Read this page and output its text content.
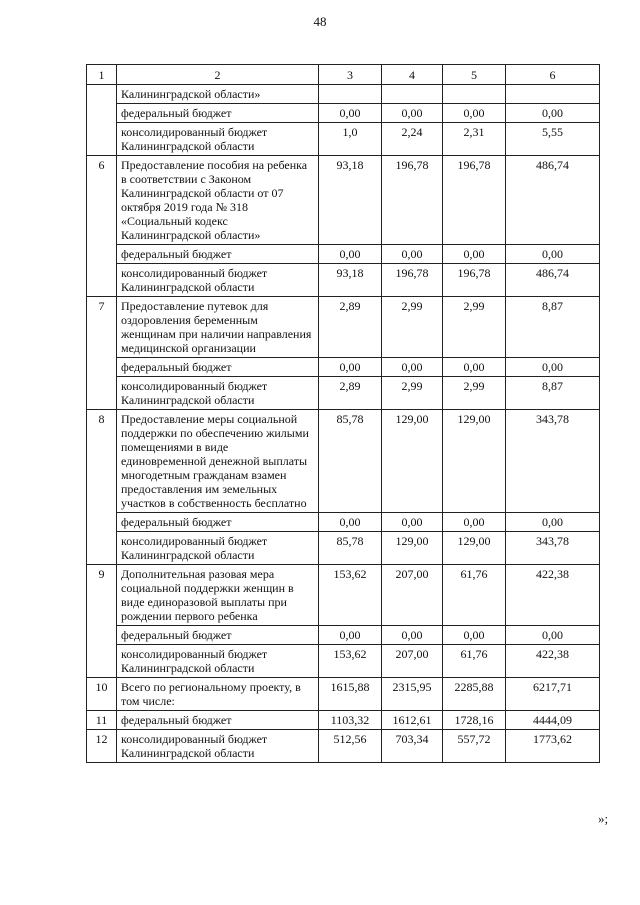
48
1	2	3	4	5	6
	Калининградской области»				
	федеральный бюджет	0,00	0,00	0,00	0,00
	консолидированный бюджет Калининградской области	1,0	2,24	2,31	5,55
6	Предоставление пособия на ребенка в соответствии с Законом Калининградской области от 07 октября 2019 года № 318 «Социальный кодекс Калининградской области»	93,18	196,78	196,78	486,74
	федеральный бюджет	0,00	0,00	0,00	0,00
	консолидированный бюджет Калининградской области	93,18	196,78	196,78	486,74
7	Предоставление путевок для оздоровления беременным женщинам при наличии направления медицинской организации	2,89	2,99	2,99	8,87
	федеральный бюджет	0,00	0,00	0,00	0,00
	консолидированный бюджет Калининградской области	2,89	2,99	2,99	8,87
8	Предоставление меры социальной поддержки по обеспечению жилыми помещениями в виде единовременной денежной выплаты многодетным гражданам взамен предоставления им земельных участков в собственность бесплатно	85,78	129,00	129,00	343,78
	федеральный бюджет	0,00	0,00	0,00	0,00
	консолидированный бюджет Калининградской области	85,78	129,00	129,00	343,78
9	Дополнительная разовая мера социальной поддержки женщин в виде единоразовой выплаты при рождении первого ребенка	153,62	207,00	61,76	422,38
	федеральный бюджет	0,00	0,00	0,00	0,00
	консолидированный бюджет Калининградской области	153,62	207,00	61,76	422,38
10	Всего по региональному проекту, в том числе:	1615,88	2315,95	2285,88	6217,71
11	федеральный бюджет	1103,32	1612,61	1728,16	4444,09
12	консолидированный бюджет Калининградской области	512,56	703,34	557,72	1773,62
»;
